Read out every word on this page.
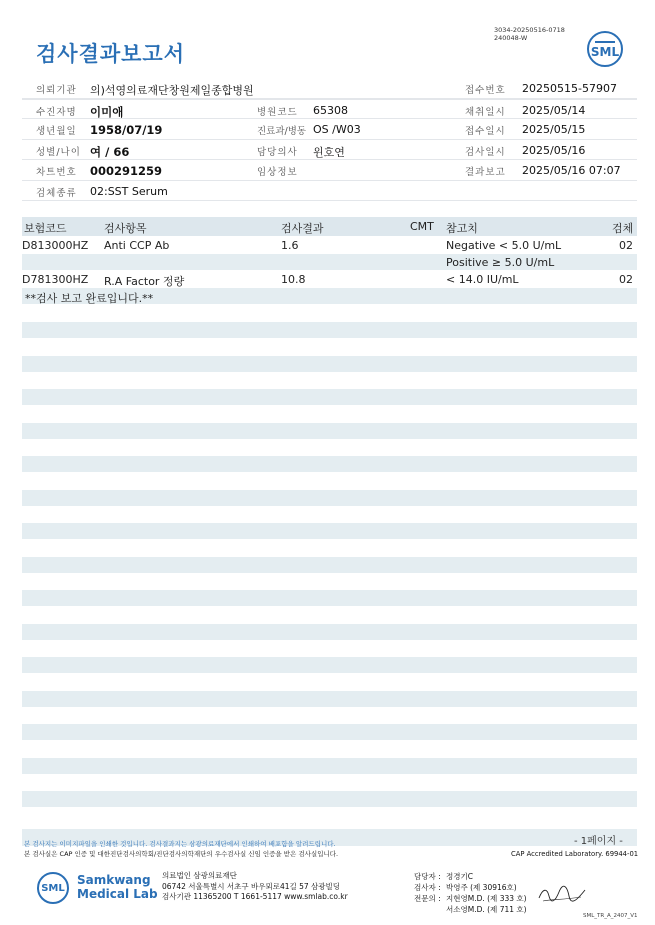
3034-20250516-0718
240048-W
검사결과보고서	SML
의뢰기관 의)석영의료재단창원제일종합병원	접수번호 20250515-57907
수진자명 이미애	병원코드 65308	채취일시 2025/05/14
생년월일 1958/07/19	진료과/병동 OS /W03	접수일시 2025/05/15
성별/나이 여 / 66	담당의사 윈호연	검사일시 2025/05/16
차트번호 000291259	임상정보	결과보고 2025/05/16 07:07
검체종류 02:SST Serum
보험코드	검사항목	검사결과	CMT 참고치	검체
D813000HZ Anti CCP Ab	1.6	Negative < 5.0 U/mL	02
Positive ≥ 5.0 U/mL
D781300HZ R.A Factor 정량	10.8	< 14.0 IU/mL	02
**검사 보고 완료입니다.**
- 1페이지 -
본 검사지는 이미지파일을 인쇄한 것입니다. 검사결과지는 삼광의료재단에서 인쇄하여 배포함을 알려드립니다.
본 검사실은 CAP 인증 및 대한진단검사의학회/진단검사의학재단의 우수검사실 신임 인증을 받은 검사실입니다.	CAP Accredited Laboratory. 69944-01
SML
Samkwang
Medical Lab
의료법인 삼광의료재단
06742 서울특별시 서초구 바우뫼로41길 57 삼광빌딩
검사기관 11365200 T 1661-5117 www.smlab.co.kr
담당자 : 정경기C
검사자 : 박영주 (제 30916호)
전문의 : 지현영M.D. (제 333 호)
서소영M.D. (제 711 호)
SML_TR_A_2407_V1
